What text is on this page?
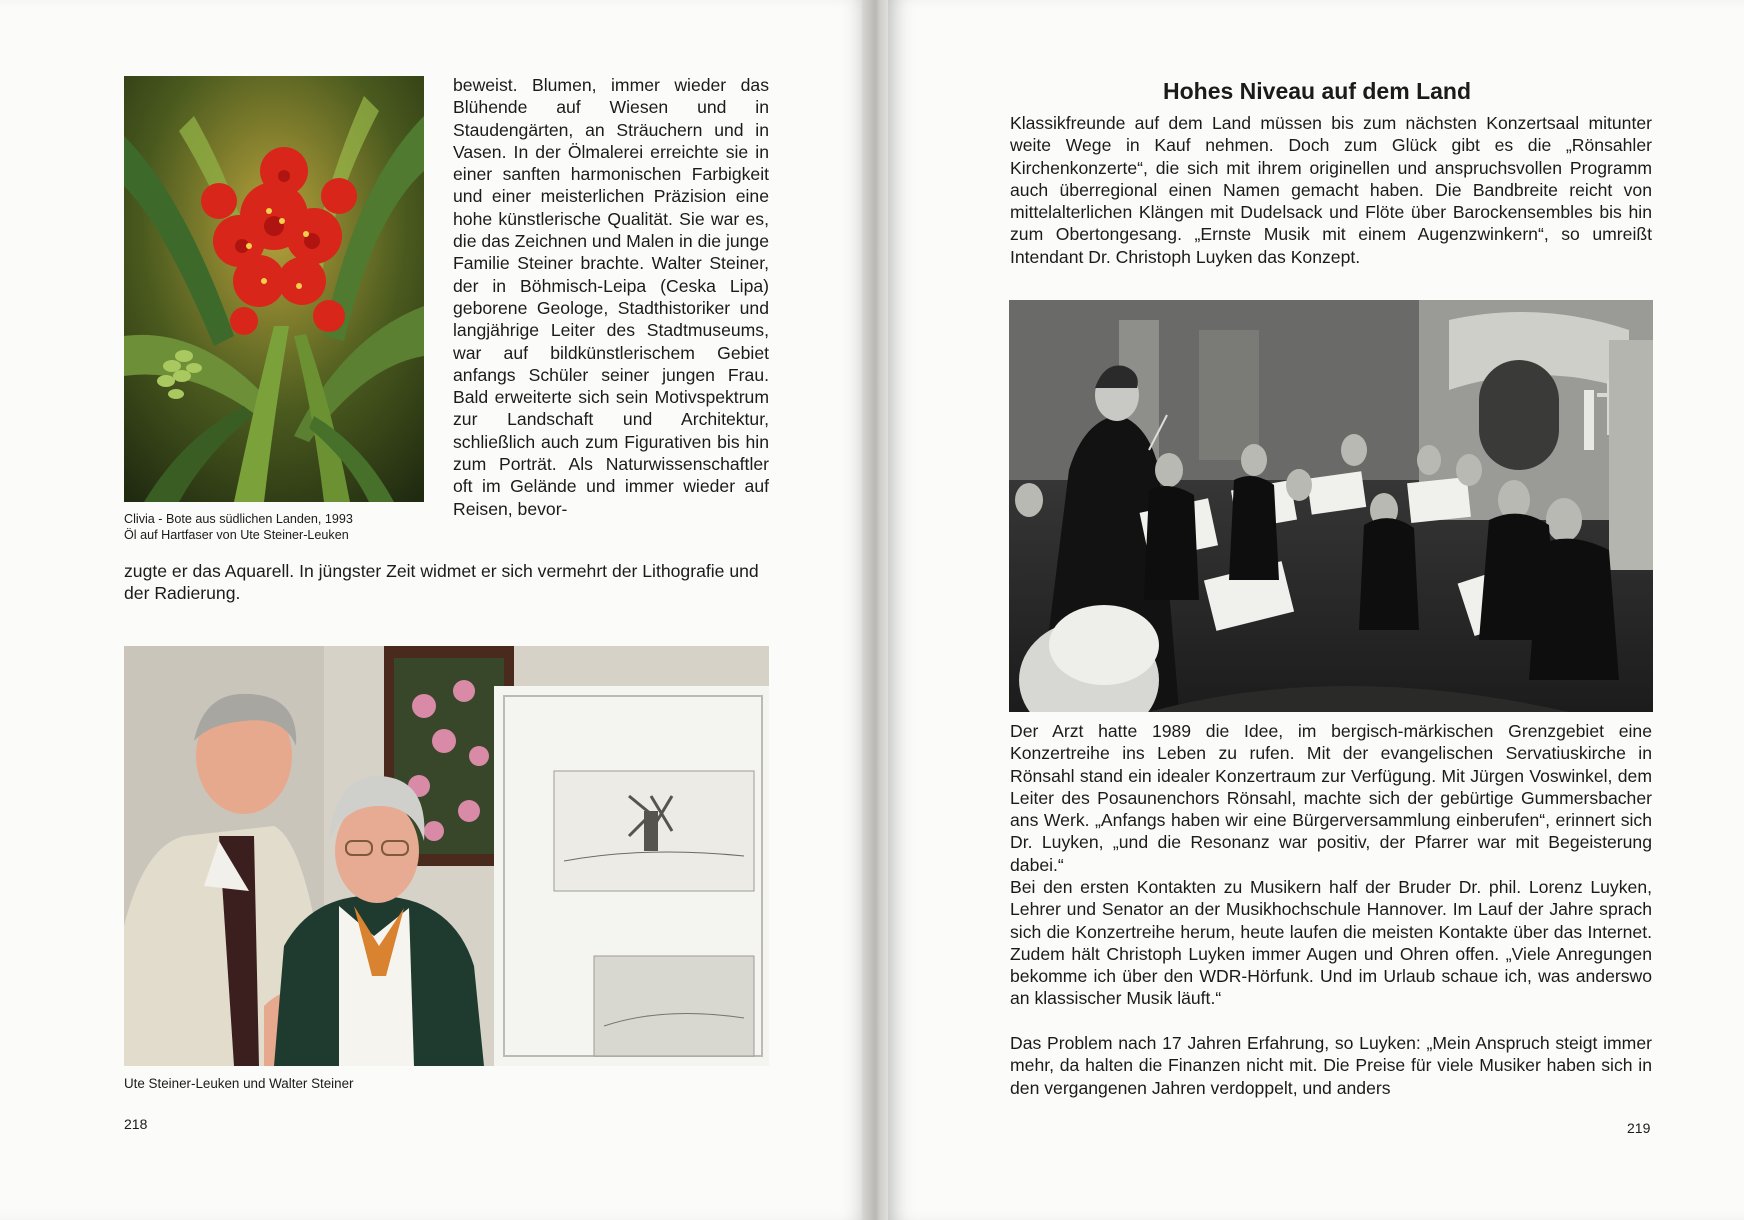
Clivia - Bote aus südlichen Landen, 1993
Öl auf Hartfaser von Ute Steiner-Leuken

beweist. Blumen, immer wieder das Blühende auf Wiesen und in Staudengärten, an Sträuchern und in Vasen. In der Ölmalerei erreichte sie in einer sanften harmonischen Farbigkeit und einer meisterlichen Präzision eine hohe künstlerische Qualität. Sie war es, die das Zeichnen und Malen in die junge Familie Steiner brachte. Walter Steiner, der in Böhmisch-Leipa (Ceska Lipa) geborene Geologe, Stadthistoriker und langjährige Leiter des Stadtmuseums, war auf bildkünstlerischem Gebiet anfangs Schüler seiner jungen Frau. Bald erweiterte sich sein Motivspektrum zur Landschaft und Architektur, schließlich auch zum Figurativen bis hin zum Porträt. Als Naturwissenschaftler oft im Gelände und immer wieder auf Reisen, bevor-

zugte er das Aquarell. In jüngster Zeit widmet er sich vermehrt der Lithografie und der Radierung.

Ute Steiner-Leuken und Walter Steiner

218
Hohes Niveau auf dem Land

Klassikfreunde auf dem Land müssen bis zum nächsten Konzertsaal mitunter weite Wege in Kauf nehmen. Doch zum Glück gibt es die „Rönsahler Kirchenkonzerte“, die sich mit ihrem originellen und anspruchsvollen Programm auch überregional einen Namen gemacht haben. Die Bandbreite reicht von mittelalterlichen Klängen mit Dudelsack und Flöte über Barockensembles bis hin zum Obertongesang. „Ernste Musik mit einem Augenzwinkern“, so umreißt Intendant Dr. Christoph Luyken das Konzept.

Der Arzt hatte 1989 die Idee, im bergisch-märkischen Grenzgebiet eine Konzertreihe ins Leben zu rufen. Mit der evangelischen Servatiuskirche in Rönsahl stand ein idealer Konzertraum zur Verfügung. Mit Jürgen Voswinkel, dem Leiter des Posaunenchors Rönsahl, machte sich der gebürtige Gummersbacher ans Werk. „Anfangs haben wir eine Bürgerversammlung einberufen“, erinnert sich Dr. Luyken, „und die Resonanz war positiv, der Pfarrer war mit Begeisterung dabei.“

Bei den ersten Kontakten zu Musikern half der Bruder Dr. phil. Lorenz Luyken, Lehrer und Senator an der Musikhochschule Hannover. Im Lauf der Jahre sprach sich die Konzertreihe herum, heute laufen die meisten Kontakte über das Internet. Zudem hält Christoph Luyken immer Augen und Ohren offen. „Viele Anregungen bekomme ich über den WDR-Hörfunk. Und im Urlaub schaue ich, was anderswo an klassischer Musik läuft.“

Das Problem nach 17 Jahren Erfahrung, so Luyken: „Mein Anspruch steigt immer mehr, da halten die Finanzen nicht mit. Die Preise für viele Musiker haben sich in den vergangenen Jahren verdoppelt, und anders

219
